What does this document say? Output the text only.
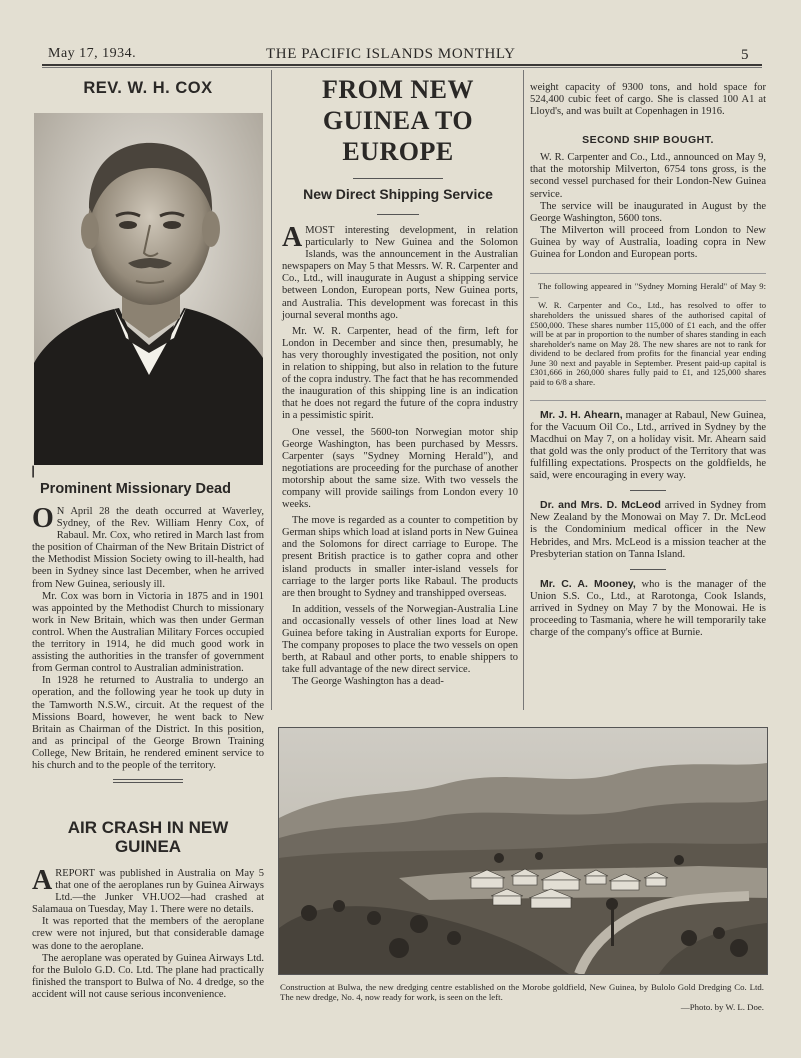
May 17, 1934.	THE PACIFIC ISLANDS MONTHLY	5
REV. W. H. COX
┃
Prominent Missionary Dead

O N April 28 the death occurred at Waverley, Sydney, of the Rev. William Henry Cox, of Rabaul. Mr. Cox, who retired in March last from the position of Chairman of the New Britain District of the Methodist Mission Society owing to ill-health, had been in Sydney since last December, when he arrived from New Guinea, seriously ill.

Mr. Cox was born in Victoria in 1875 and in 1901 was appointed by the Methodist Church to missionary work in New Britain, which was then under German control. When the Australian Military Forces occupied the territory in 1914, he did much good work in assisting the authorities in the transfer of government from German control to Australian administration.

In 1928 he returned to Australia to undergo an operation, and the following year he took up duty in the Tamworth N.S.W., circuit. At the request of the Missions Board, however, he went back to New Britain as Chairman of the District. In this position, and as principal of the George Brown Training College, New Britain, he rendered eminent service to his church and to the people of the territory.

AIR CRASH IN NEW GUINEA

AREPORT was published in Australia on May 5 that one of the aeroplanes run by Guinea Airways Ltd.—the Junker VH.UO2—had crashed at Salamaua on Tuesday, May 1. There were no details.

It was reported that the members of the aeroplane crew were not injured, but that considerable damage was done to the aeroplane.

The aeroplane was operated by Guinea Airways Ltd. for the Bulolo G.D. Co. Ltd. The plane had practically finished the transport to Bulwa of No. 4 dredge, so the accident will not cause serious inconvenience.

FROM NEW GUINEA TO EUROPE
New Direct Shipping Service

AMOST interesting development, in relation particularly to New Guinea and the Solomon Islands, was the announcement in the Australian newspapers on May 5 that Messrs. W. R. Carpenter and Co., Ltd., will inaugurate in August a shipping service between London, European ports, New Guinea ports, and Australia. This development was forecast in this journal several months ago.

Mr. W. R. Carpenter, head of the firm, left for London in December and since then, presumably, he has very thoroughly investigated the position, not only in relation to shipping, but also in relation to the future of the copra industry. The fact that he has recommended the inauguration of this shipping line is an indication that he does not regard the future of the copra industry in a pessimistic spirit.

One vessel, the 5600-ton Norwegian motor ship George Washington, has been purchased by Messrs. Carpenter (says "Sydney Morning Herald"), and negotiations are proceeding for the purchase of another motorship about the same size. With two vessels the company will provide sailings from London every 10 weeks.

The move is regarded as a counter to competition by German ships which load at island ports in New Guinea and the Solomons for direct carriage to Europe. The present British practice is to gather copra and other island products in smaller inter-island vessels for carriage to the larger ports like Rabaul. The products are then brought to Sydney and transhipped overseas.

In addition, vessels of the Norwegian-Australia Line and occasionally vessels of other lines load at New Guinea before taking in Australian exports for Europe. The company proposes to place the two vessels on open berth, at Rabaul and other ports, to enable shippers to take full advantage of the new direct service.

The George Washington has a dead-

weight capacity of 9300 tons, and hold space for 524,400 cubic feet of cargo. She is classed 100 A1 at Lloyd's, and was built at Copenhagen in 1916.

SECOND SHIP BOUGHT.

W. R. Carpenter and Co., Ltd., announced on May 9, that the motorship Milverton, 6754 tons gross, is the second vessel purchased for their London-New Guinea service.

The service will be inaugurated in August by the George Washington, 5600 tons.

The Milverton will proceed from London to New Guinea by way of Australia, loading copra in New Guinea for London and European ports.

The following appeared in "Sydney Morning Herald" of May 9:—

W. R. Carpenter and Co., Ltd., has resolved to offer to shareholders the unissued shares of the authorised capital of £500,000. These shares number 115,000 of £1 each, and the offer will be at par in proportion to the number of shares standing in each shareholder's name on May 28. The new shares are not to rank for dividend to be declared from profits for the financial year ending June 30 next and payable in September. Present paid-up capital is £301,666 in 260,000 shares fully paid to £1, and 125,000 shares paid to 6/8 a share.

Mr. J. H. Ahearn, manager at Rabaul, New Guinea, for the Vacuum Oil Co., Ltd., arrived in Sydney by the Macdhui on May 7, on a holiday visit. Mr. Ahearn said that gold was the only product of the Territory that was fulfilling expectations. Prospects on the goldfields, he said, were encouraging in every way.

Dr. and Mrs. D. McLeod arrived in Sydney from New Zealand by the Monowai on May 7. Dr. McLeod is the Condominium medical officer in the New Hebrides, and Mrs. McLeod is a mission teacher at the Presbyterian station on Tanna Island.

Mr. C. A. Mooney, who is the manager of the Union S.S. Co., Ltd., at Rarotonga, Cook Islands, arrived in Sydney on May 7 by the Monowai. He is proceeding to Tasmania, where he will temporarily take charge of the company's office at Burnie.

Construction at Bulwa, the new dredging centre established on the Morobe goldfield, New Guinea, by Bulolo Gold Dredging Co. Ltd. The new dredge, No. 4, now ready for work, is seen on the left.
—Photo. by W. L. Doe.
